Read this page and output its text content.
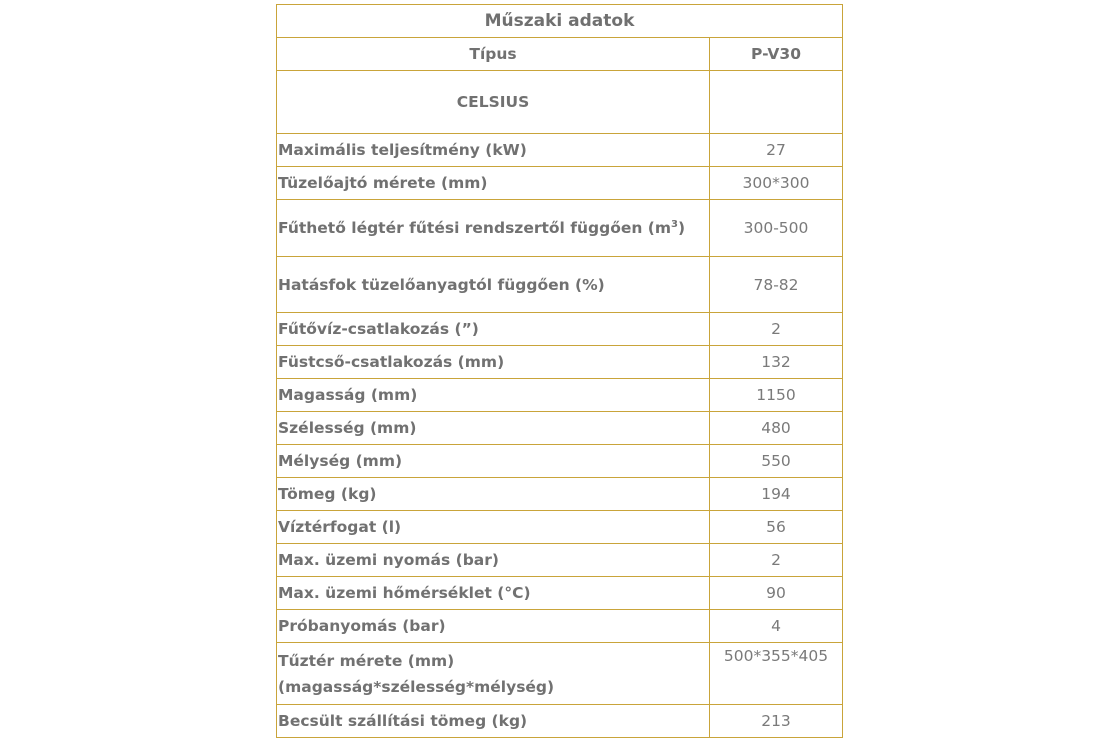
Műszaki adatok	
Típus	P-V30
CELSIUS	
Maximális teljesítmény (kW)	27
Tüzelőajtó mérete (mm)	300*300
Fűthető légtér fűtési rendszertől függően $(m^3)$	300-500
Hatásfok tüzelőanyagtól függően (%)	78-82
Fűtővíz-csatlakozás (”)	2
Füstcső-csatlakozás (mm)	132
Magasság (mm)	1150
Szélesség (mm)	480
Mélység (mm)	550
Tömeg (kg)	194
Víztérfogat (l)	56
Max. üzemi nyomás (bar)	2
Max. üzemi hőmérséklet (°C)	90
Próbanyomás (bar)	4
Tűztér mérete (mm)
(magasság*szélesség*mélység)	500*355*405
Becsült szállítási tömeg (kg)	213
